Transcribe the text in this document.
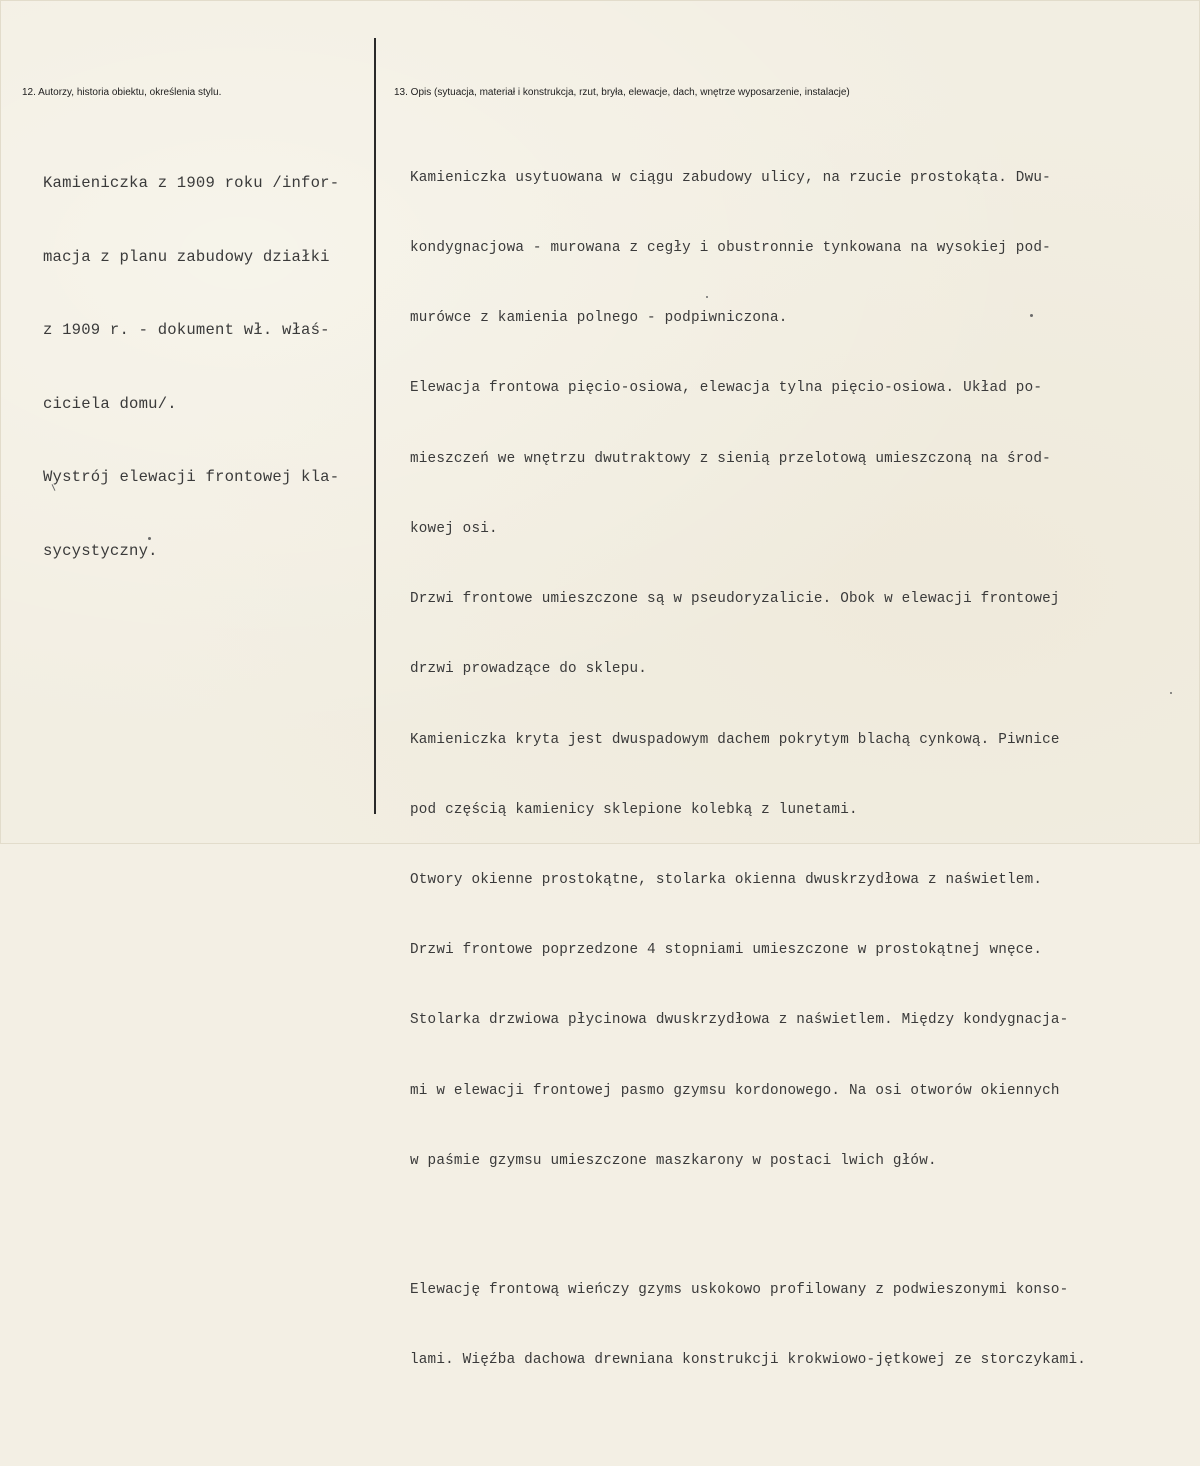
12. Autorzy, historia obiektu, określenia stylu.	13. Opis (sytuacja, materiał i konstrukcja, rzut, bryła, elewacje, dach, wnętrze wyposarzenie, instalacje)

Kamieniczka z 1909 roku /infor-

macja z planu zabudowy działki

z 1909 r. - dokument wł. właś-

ciciela domu/.

Wystrój elewacji frontowej kla-

sycystyczny.

Kamieniczka usytuowana w ciągu zabudowy ulicy, na rzucie prostokąta. Dwu-

kondygnacjowa - murowana z cegły i obustronnie tynkowana na wysokiej pod-

murówce z kamienia polnego - podpiwniczona.

Elewacja frontowa pięcio-osiowa, elewacja tylna pięcio-osiowa. Układ po-

mieszczeń we wnętrzu dwutraktowy z sienią przelotową umieszczoną na środ-

kowej osi.

Drzwi frontowe umieszczone są w pseudoryzalicie. Obok w elewacji frontowej

drzwi prowadzące do sklepu.

Kamieniczka kryta jest dwuspadowym dachem pokrytym blachą cynkową. Piwnice

pod częścią kamienicy sklepione kolebką z lunetami.

Otwory okienne prostokątne, stolarka okienna dwuskrzydłowa z naświetlem.

Drzwi frontowe poprzedzone 4 stopniami umieszczone w prostokątnej wnęce.

Stolarka drzwiowa płycinowa dwuskrzydłowa z naświetlem. Między kondygnacja-

mi w elewacji frontowej pasmo gzymsu kordonowego. Na osi otworów okiennych

w paśmie gzymsu umieszczone maszkarony w postaci lwich głów.

Elewację frontową wieńczy gzyms uskokowo profilowany z podwieszonymi konso-

lami. Więźba dachowa drewniana konstrukcji krokwiowo-jętkowej ze storczykami.
